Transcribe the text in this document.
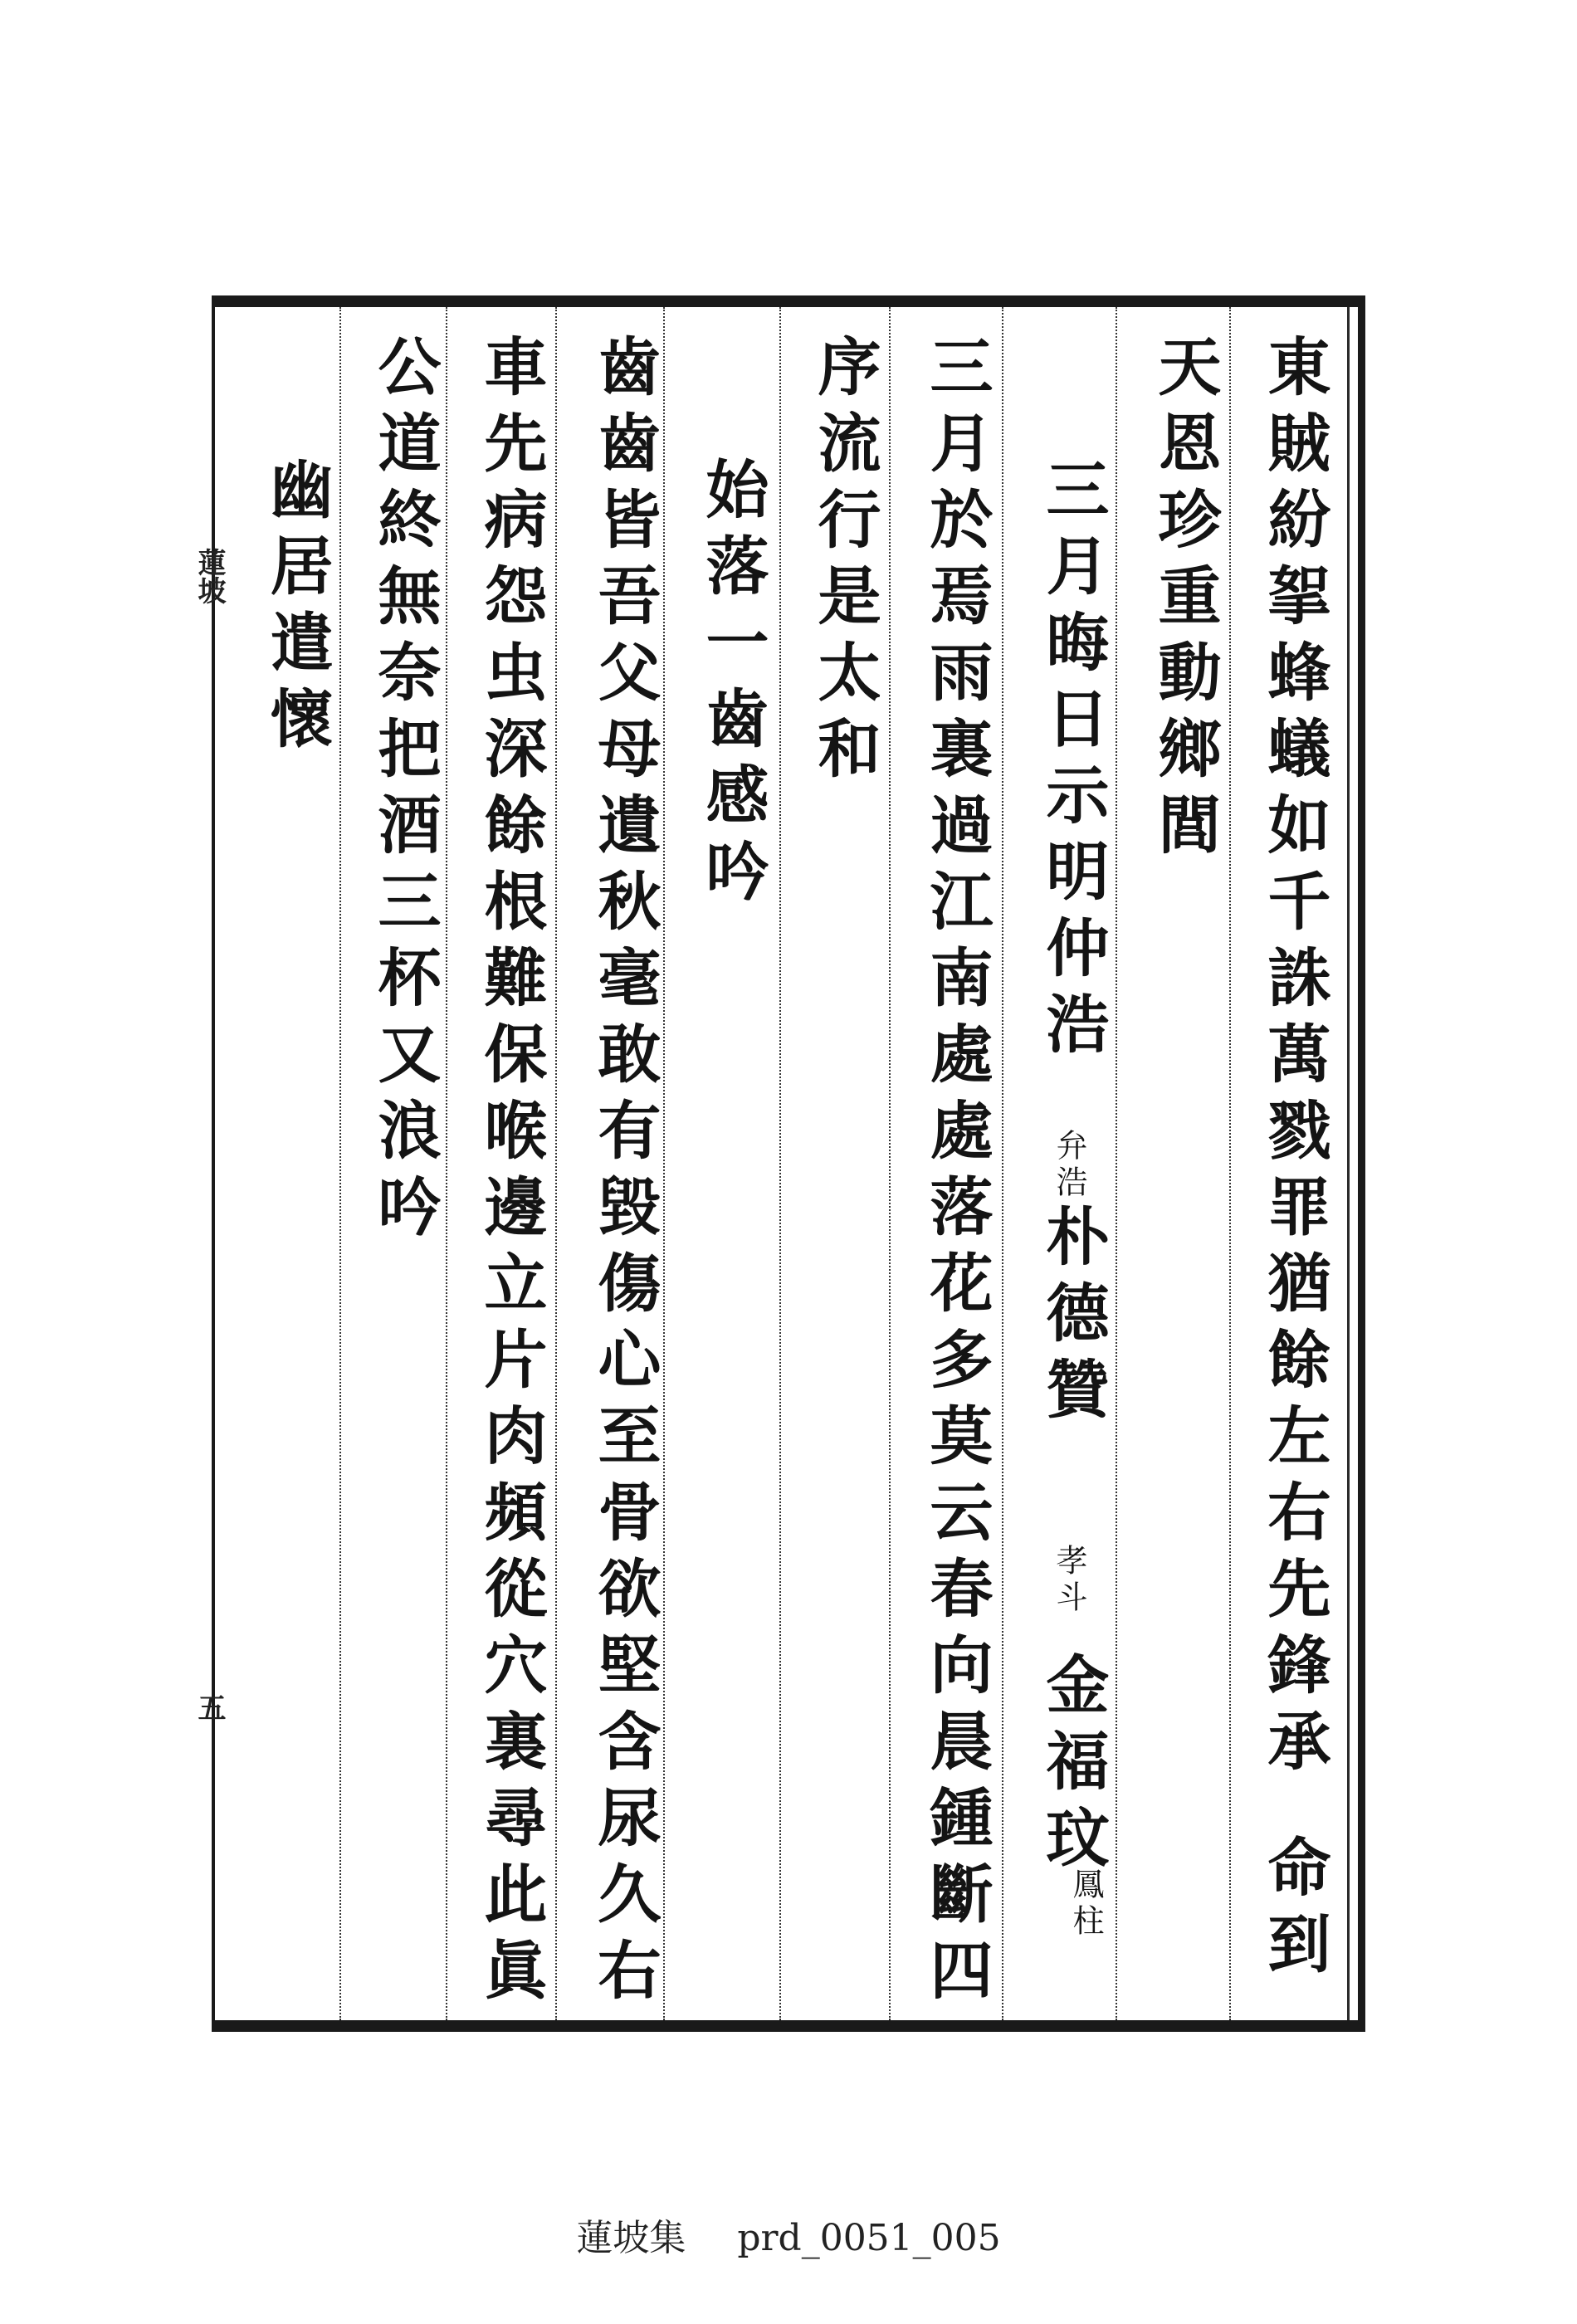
東賊紛挐蜂蟻如千誅萬戮罪猶餘左右先鋒承命到
天恩珍重動鄉閭
三月晦日示明仲浩
弁浩
朴德贊
孝斗
金福玟
鳳柱
三月於焉雨裏過江南處處落花多莫云春向晨鍾斷四
序流行是太和
始落一齒感吟
齒齒皆吾父母遺秋毫敢有毀傷心至骨欲堅含尿久右
車先病怨虫深餘根難保喉邊立片肉頻從穴裏尋此眞
公道終無奈把酒三杯又浪吟
幽居遣懷
蓮坡
五
蓮坡集 prd_0051_005
